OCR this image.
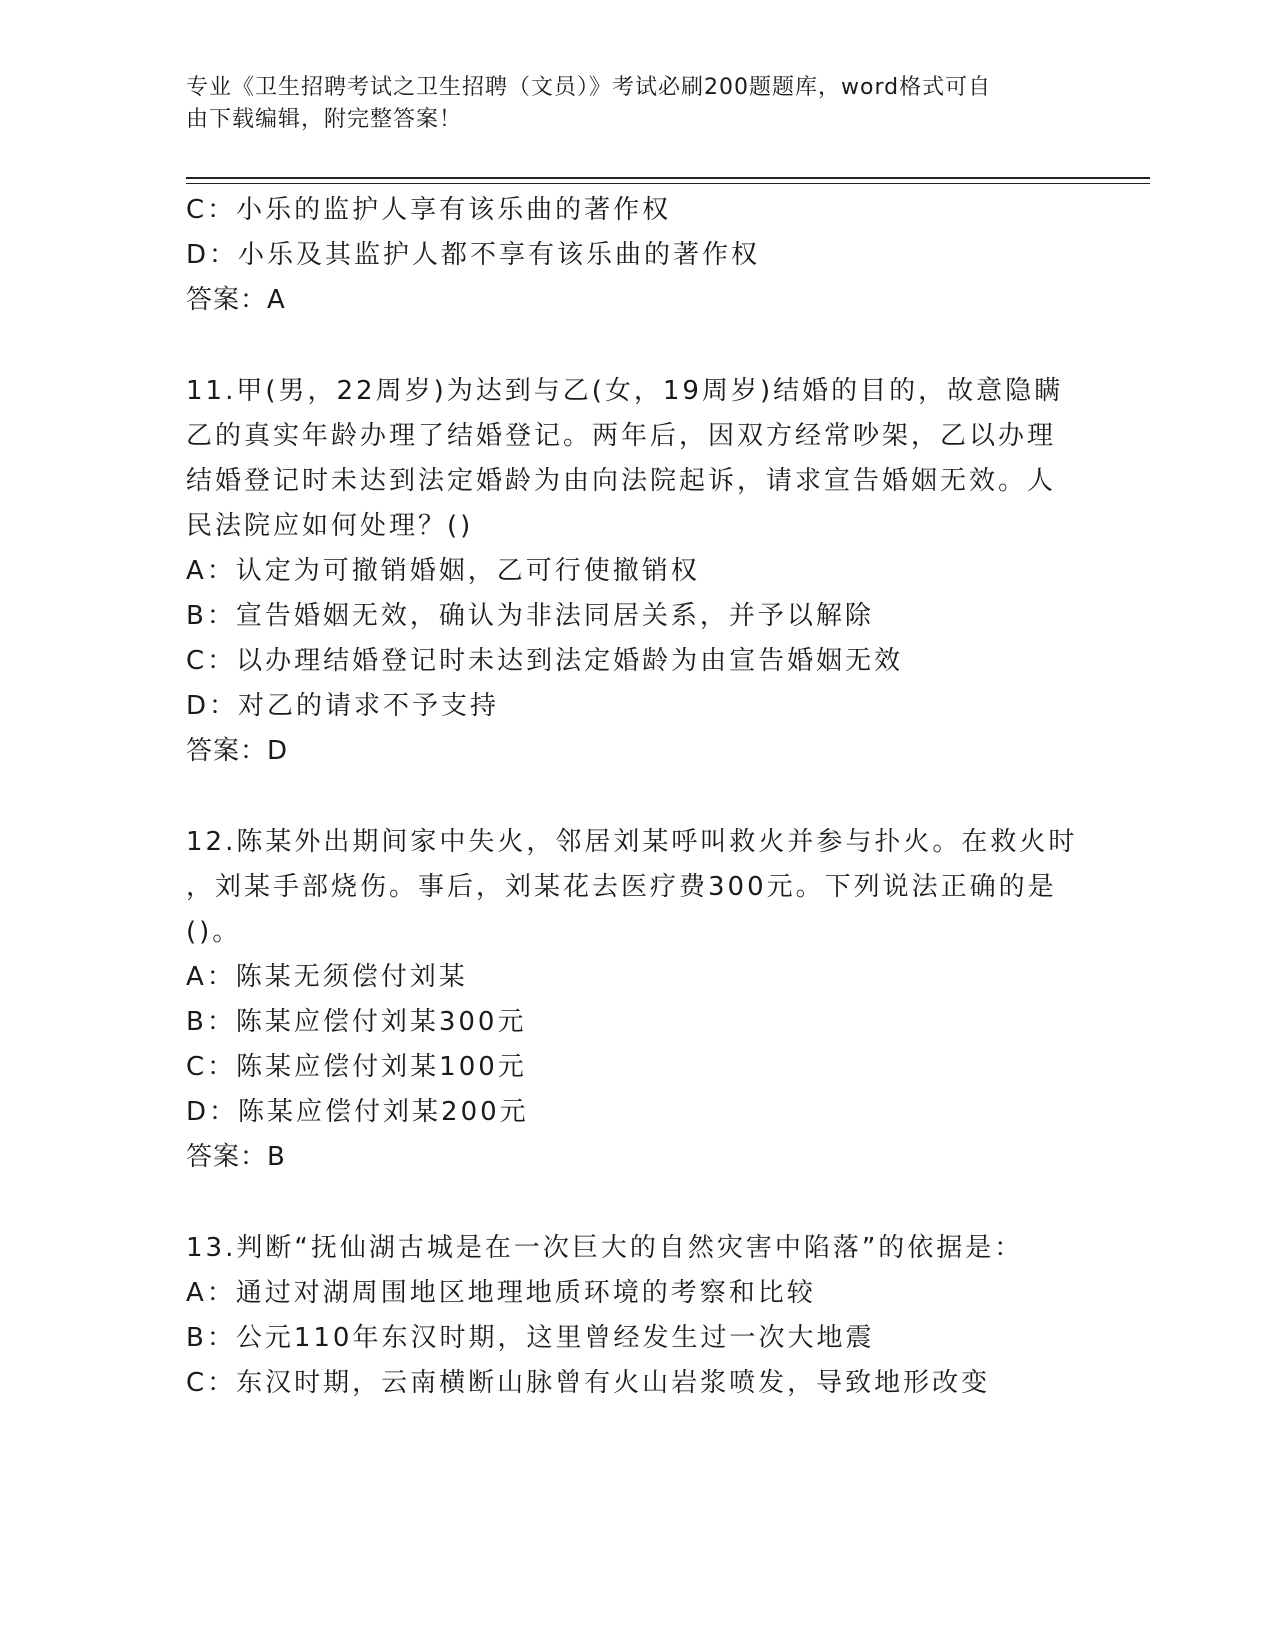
专业《卫生招聘考试之卫生招聘（文员）》考试必刷200题题库，word格式可自
由下载编辑，附完整答案！
C：小乐的监护人享有该乐曲的著作权
D：小乐及其监护人都不享有该乐曲的著作权
答案：A
11.甲(男，22周岁)为达到与乙(女，19周岁)结婚的目的，故意隐瞒
乙的真实年龄办理了结婚登记。两年后，因双方经常吵架，乙以办理
结婚登记时未达到法定婚龄为由向法院起诉，请求宣告婚姻无效。人
民法院应如何处理？()
A：认定为可撤销婚姻，乙可行使撤销权
B：宣告婚姻无效，确认为非法同居关系，并予以解除
C：以办理结婚登记时未达到法定婚龄为由宣告婚姻无效
D：对乙的请求不予支持
答案：D
12.陈某外出期间家中失火，邻居刘某呼叫救火并参与扑火。在救火时
，刘某手部烧伤。事后，刘某花去医疗费300元。下列说法正确的是
()。
A：陈某无须偿付刘某
B：陈某应偿付刘某300元
C：陈某应偿付刘某100元
D：陈某应偿付刘某200元
答案：B
13.判断“抚仙湖古城是在一次巨大的自然灾害中陷落”的依据是：
A：通过对湖周围地区地理地质环境的考察和比较
B：公元110年东汉时期，这里曾经发生过一次大地震
C：东汉时期，云南横断山脉曾有火山岩浆喷发，导致地形改变
